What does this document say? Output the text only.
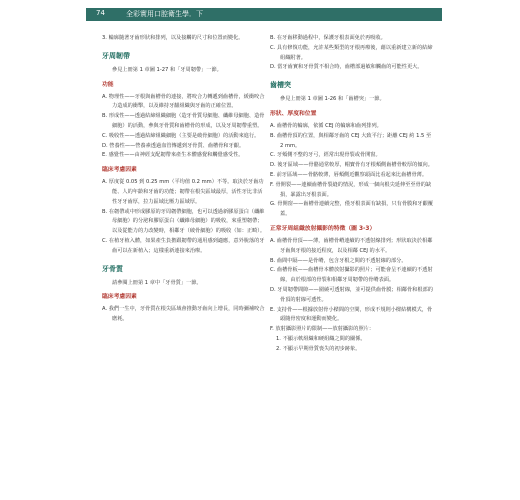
74	全彩實用口腔衛生學．下

3. 輪廓隨著牙齒形狀和排列，以及接觸的尺寸和位置而變化。

牙周韌帶

參見上冊第 1 章圖 1-27 和「牙周韌帶」一節。

功能

A. 物理性——牙根與齒槽骨的連接，將咬合力轉遞到齒槽骨，緩衝咬合力造成的衝擊，以及維持牙齦組織與牙齒的正確位置。

B. 形成性——透過結締組織細胞（造牙骨質母細胞、纖維母細胞、造骨細胞）的活動，參與牙骨質和齒槽骨的形成，以及牙周韌帶重塑。

C. 吸收性——透過結締組織細胞（主要是破骨細胞）的活動來進行。

D. 營養性——營養素透過血管傳遞到牙骨質、齒槽骨和牙齦。

E. 感覺性——由神經支配韌帶來產生本體感覺和觸覺感受性。

臨床考慮因素

A. 厚度從 0.05 到 0.25 mm（平均值 0.2 mm）不等。取決於牙齒功能、人的年齡和牙齒的功能；韌帶在根尖區域最厚，活性牙比非活性牙牙齒厚，拉力區域比壓力區域厚。

B. 在韌帶或中形成膠原的牙周韌帶細胞，也可以透過新膠原蛋白（纖維母細胞）的分泌和膠原蛋白（纖維母細胞）的吸收，來重塑韌帶；以及從能力的力改變時，相鄰牙（破骨細胞）的吸收（如：正畸）。

C. 在植牙植入體，如果產生負擔跟韌帶的通用感到適應，意外脫落的牙齒可以在新植入；這樣重新連接來治療。

牙骨質

請參閱上冊第 1 章中「牙骨質」一節。

臨床考慮因素

A. 我們一生中，牙骨質在根尖區域會推動牙齒向上增長，同時彌補咬合磨耗。

B. 在牙齒移動過程中，保護牙根表面免於再吸收。

C. 具有修復功能，允許某些類型的牙根再療後，藉以重新建立新的結締組織附著。

D. 當牙齒實和牙骨質不相合時，齒槽部過敏和觸齒的可能性更大。

齒槽突

參見上冊第 1 章圖 1-26 和「齒槽突」一節。

形狀、厚度和位置

A. 齒槽骨的輪廓，依循 CEJ 的輪廓和齒列排列。

B. 齒槽骨頂的位置，與相鄰牙齒的 CEJ 大致平行；距離 CEJ 約 1.5 至 2 mm。

C. 牙頰側不整的牙弓，經常出現骨裂或骨開窗。

D. 後牙區域——骨骼通常較厚，帽寶骨有牙根頰側齒槽骨較厚的傾向。

E. 前牙區域——骨骼較薄，唇頰側近觀察頭面比看起來比齒槽骨薄。

F. 骨開裂——連續齒槽骨裂縫的情況，形成一個向根尖延伸至至骨的缺損，暴露出牙根表面。

G. 骨開窗——齒槽骨連續完整，僅牙根表面有缺損，只有骨膜和牙齦覆蓋。

正常牙周組織放射攝影的特徵（圖 3-3）

A. 齒槽骨骨頂——薄，齒槽骨嵴連續的不透射線排列；形狀取決於相鄰牙齒與牙根的接近程度，以及相鄰 CEJ 的水平。

B. 齒間中隔——是骨嵴，包含牙根之間的不透射線的部分。

C. 齒槽骨板——齒槽骨本體放射攝影的照片；可能會呈不連續的不透射線，由於根部的骨裂和相鄰牙周韌帶的骨嵴表面。

D. 牙周韌帶間隙——圍繞可透射線，並可提供齒骨膜；相鄰骨和根部的骨頂的射線可透性。

E. 支持骨——根據放射骨小樑間的空間，形成不規則小樑結構模式，骨頭隨骨密度和運動而變化。

F. 放射攝影照片的限制——放射攝影的照片：

1. 不顯示軟組織和硬組織之間的關係。

2. 不顯示早期骨質喪失的初步跡象。
